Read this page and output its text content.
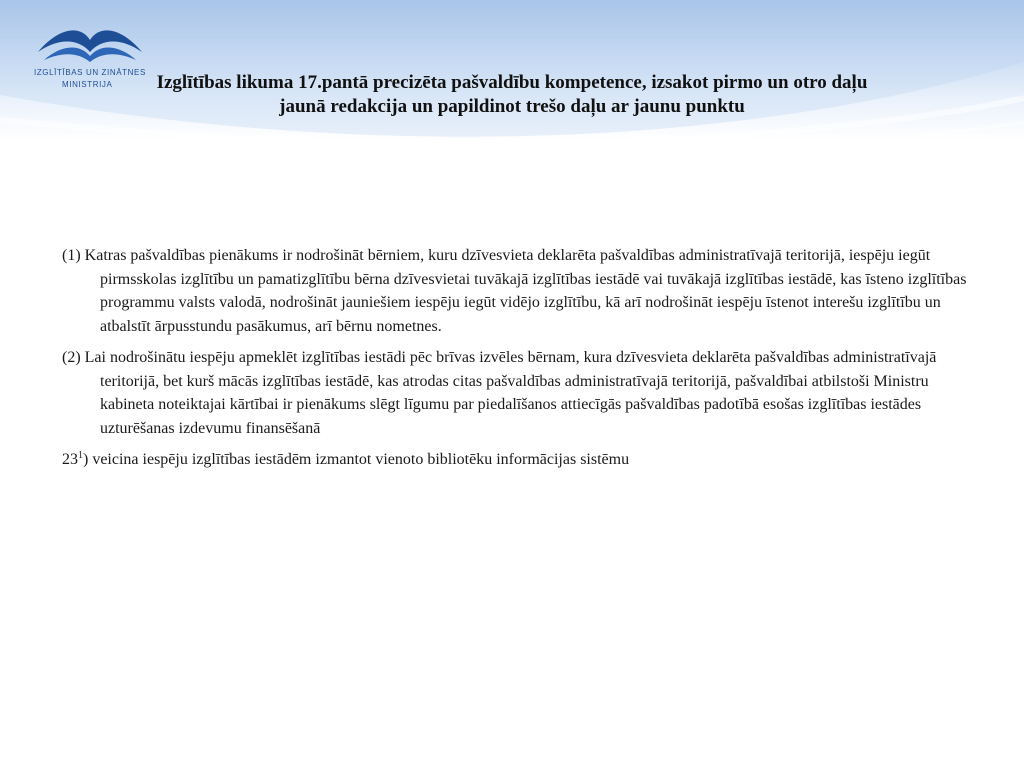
IZGLĪTĪBAS UN ZINĀTNES
MINISTRIJA	Izglītības likuma 17.pantā precizēta pašvaldību kompetence, izsakot pirmo un otro daļu
jaunā redakcija un papildinot trešo daļu ar jaunu punktu

(1) Katras pašvaldības pienākums ir nodrošināt bērniem, kuru dzīvesvieta deklarēta pašvaldības administratīvajā teritorijā, iespēju iegūt pirmsskolas izglītību un pamatizglītību bērna dzīvesvietai tuvākajā izglītības iestādē vai tuvākajā izglītības iestādē, kas īsteno izglītības programmu valsts valodā, nodrošināt jauniešiem iespēju iegūt vidējo izglītību, kā arī nodrošināt iespēju īstenot interešu izglītību un atbalstīt ārpusstundu pasākumus, arī bērnu nometnes.

(2) Lai nodrošinātu iespēju apmeklēt izglītības iestādi pēc brīvas izvēles bērnam, kura dzīvesvieta deklarēta pašvaldības administratīvajā teritorijā, bet kurš mācās izglītības iestādē, kas atrodas citas pašvaldības administratīvajā teritorijā, pašvaldībai atbilstoši Ministru kabineta noteiktajai kārtībai ir pienākums slēgt līgumu par piedalīšanos attiecīgās pašvaldības padotībā esošas izglītības iestādes uzturēšanas izdevumu finansēšanā

$23^1$) veicina iespēju izglītības iestādēm izmantot vienoto bibliotēku informācijas sistēmu
